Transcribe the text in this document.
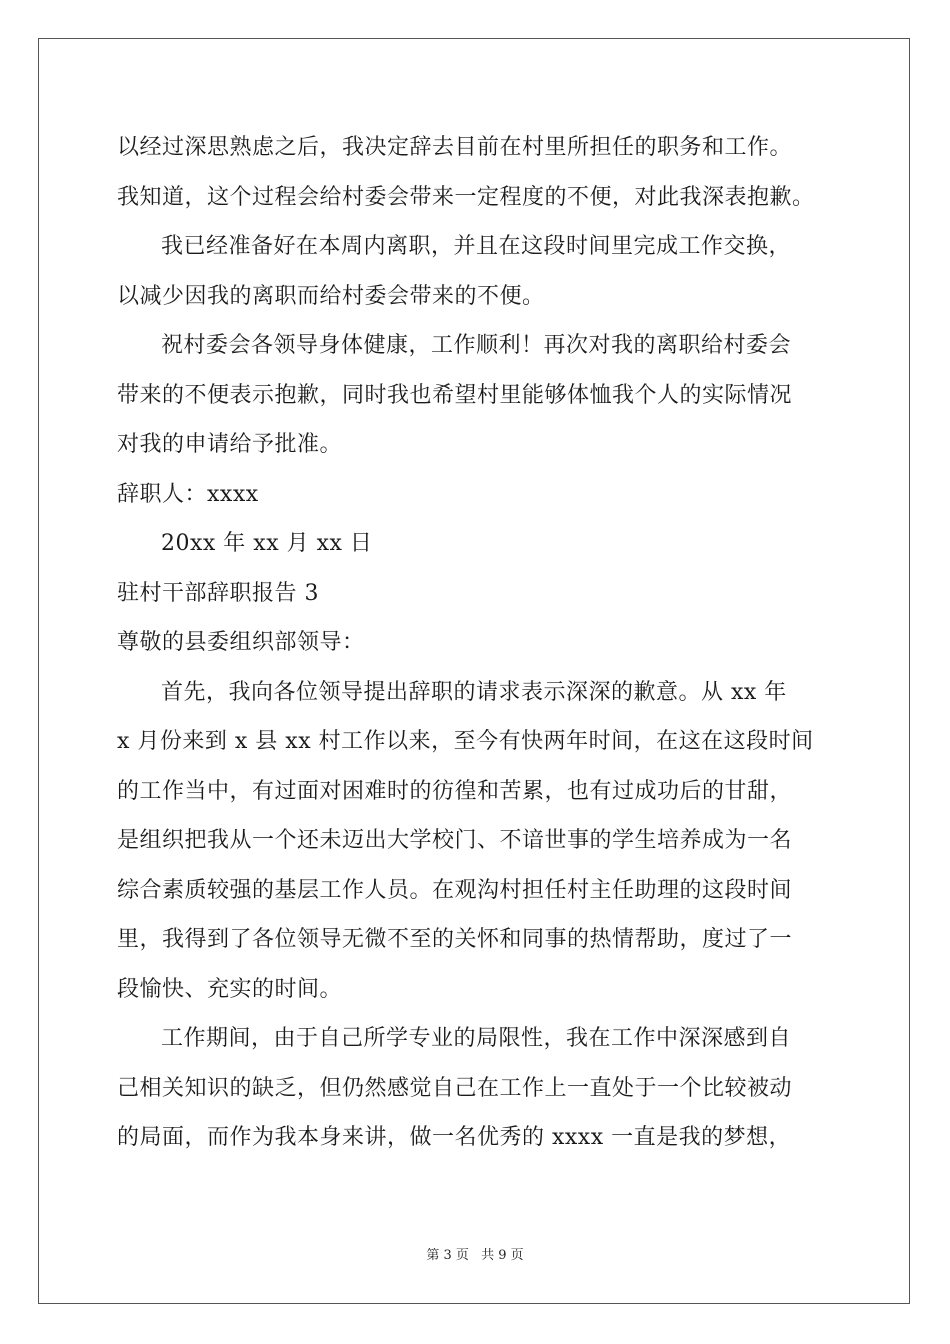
以经过深思熟虑之后，我决定辞去目前在村里所担任的职务和工作。
我知道，这个过程会给村委会带来一定程度的不便，对此我深表抱歉。
我已经准备好在本周内离职，并且在这段时间里完成工作交换，
以减少因我的离职而给村委会带来的不便。
祝村委会各领导身体健康，工作顺利！再次对我的离职给村委会
带来的不便表示抱歉，同时我也希望村里能够体恤我个人的实际情况
对我的申请给予批准。
辞职人：xxxx
20xx 年 xx 月 xx 日
驻村干部辞职报告 3
尊敬的县委组织部领导：
首先，我向各位领导提出辞职的请求表示深深的歉意。从 xx 年
x 月份来到 x 县 xx 村工作以来，至今有快两年时间，在这在这段时间
的工作当中，有过面对困难时的彷徨和苦累，也有过成功后的甘甜，
是组织把我从一个还未迈出大学校门、不谙世事的学生培养成为一名
综合素质较强的基层工作人员。在观沟村担任村主任助理的这段时间
里，我得到了各位领导无微不至的关怀和同事的热情帮助，度过了一
段愉快、充实的时间。
工作期间，由于自己所学专业的局限性，我在工作中深深感到自
己相关知识的缺乏，但仍然感觉自己在工作上一直处于一个比较被动
的局面，而作为我本身来讲，做一名优秀的 xxxx 一直是我的梦想，
第 3 页 共 9 页
